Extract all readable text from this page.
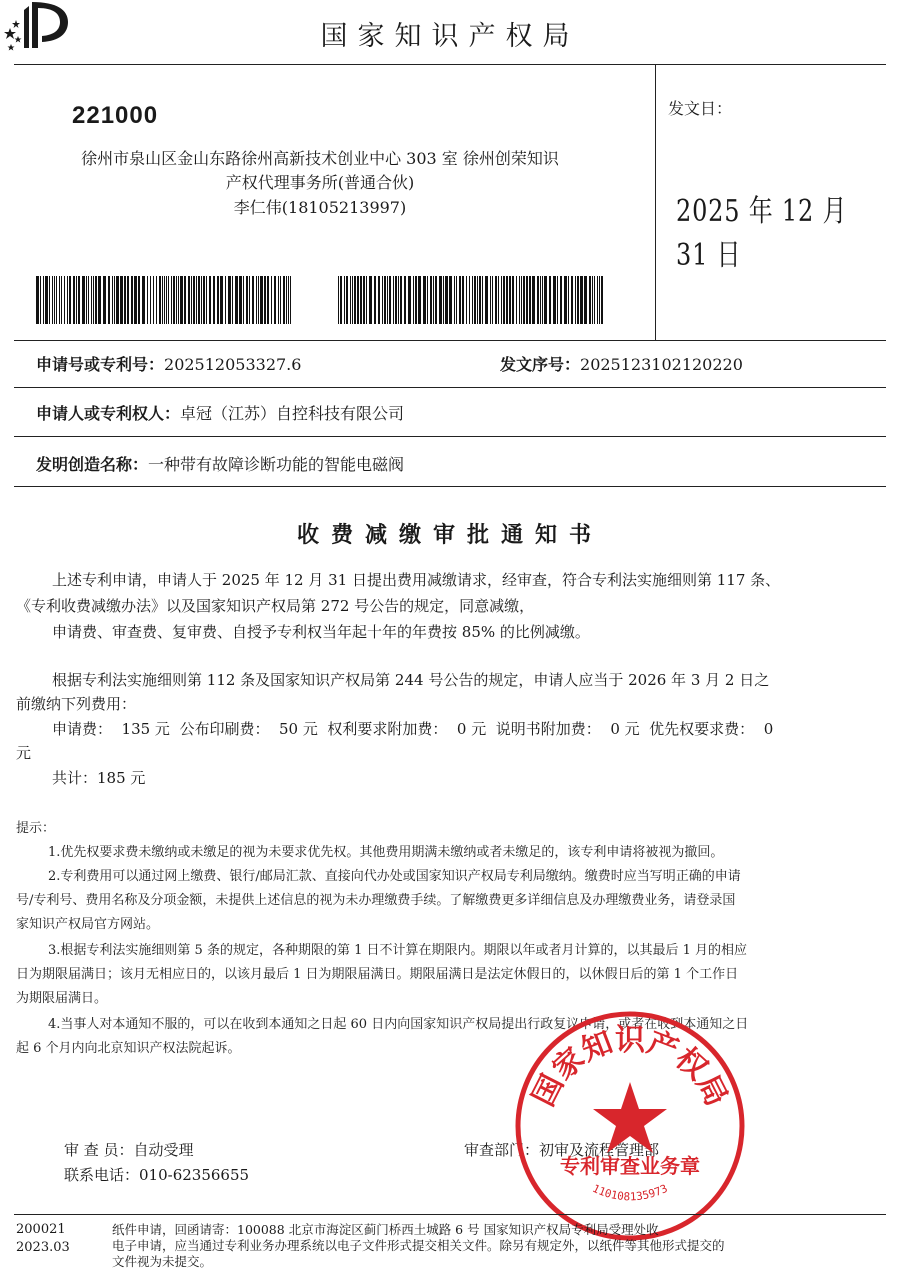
国家知识产权局
221000
徐州市泉山区金山东路徐州高新技术创业中心 303 室 徐州创荣知识
产权代理事务所(普通合伙)
李仁伟(18105213997)
发文日：
2025 年 12 月 31 日
申请号或专利号：202512053327.6	发文序号：2025123102120220
申请人或专利权人：卓冠（江苏）自控科技有限公司
发明创造名称：一种带有故障诊断功能的智能电磁阀
收费减缴审批通知书
上述专利申请，申请人于 2025 年 12 月 31 日提出费用减缴请求，经审查，符合专利法实施细则第 117 条、
《专利收费减缴办法》以及国家知识产权局第 272 号公告的规定，同意减缴，
申请费、审查费、复审费、自授予专利权当年起十年的年费按 85% 的比例减缴。
根据专利法实施细则第 112 条及国家知识产权局第 244 号公告的规定，申请人应当于 2026 年 3 月 2 日之
前缴纳下列费用：
申请费：  135 元  公布印刷费：  50 元  权利要求附加费：  0 元  说明书附加费：  0 元  优先权要求费：  0
元
共计：185 元
提示：
1.优先权要求费未缴纳或未缴足的视为未要求优先权。其他费用期满未缴纳或者未缴足的，该专利申请将被视为撤回。
2.专利费用可以通过网上缴费、银行/邮局汇款、直接向代办处或国家知识产权局专利局缴纳。缴费时应当写明正确的申请
号/专利号、费用名称及分项金额，未提供上述信息的视为未办理缴费手续。了解缴费更多详细信息及办理缴费业务，请登录国
家知识产权局官方网站。
3.根据专利法实施细则第 5 条的规定，各种期限的第 1 日不计算在期限内。期限以年或者月计算的，以其最后 1 月的相应
日为期限届满日；该月无相应日的，以该月最后 1 日为期限届满日。期限届满日是法定休假日的，以休假日后的第 1 个工作日
为期限届满日。
4.当事人对本通知不服的，可以在收到本通知之日起 60 日内向国家知识产权局提出行政复议申请，或者在收到本通知之日
起 6 个月内向北京知识产权法院起诉。
审 查 员：自动受理
联系电话：010-62356655
审查部门：初审及流程管理部
国家知识产权局
专利审查业务章
110108135973
200021
2023.03
纸件申请，回函请寄：100088 北京市海淀区蓟门桥西土城路 6 号 国家知识产权局专利局受理处收
电子申请，应当通过专利业务办理系统以电子文件形式提交相关文件。除另有规定外，以纸件等其他形式提交的
文件视为未提交。
